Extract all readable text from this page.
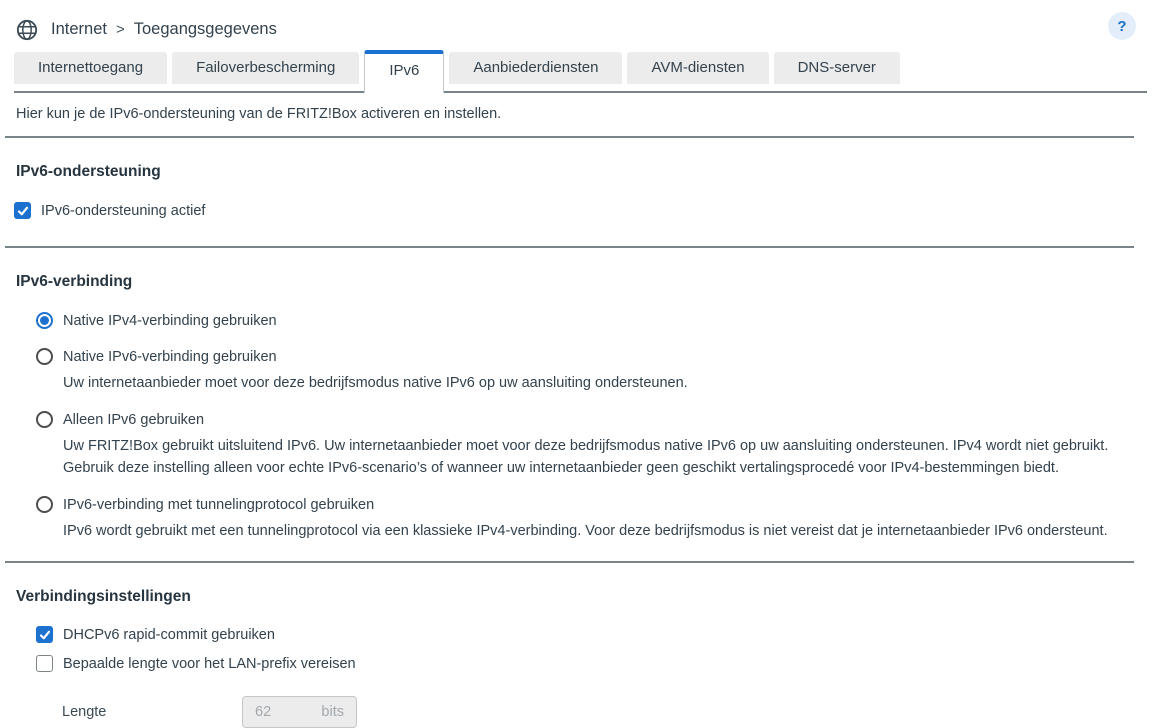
Internet > Toegangsgegevens	?
Internettoegang	Failoverbescherming	IPv6	Aanbiederdiensten	AVM-diensten	DNS-server
Hier kun je de IPv6-ondersteuning van de FRITZ!Box activeren en instellen.
IPv6-ondersteuning
IPv6-ondersteuning actief
IPv6-verbinding
Native IPv4-verbinding gebruiken
Native IPv6-verbinding gebruiken
Uw internetaanbieder moet voor deze bedrijfsmodus native IPv6 op uw aansluiting ondersteunen.
Alleen IPv6 gebruiken
Uw FRITZ!Box gebruikt uitsluitend IPv6. Uw internetaanbieder moet voor deze bedrijfsmodus native IPv6 op uw aansluiting ondersteunen. IPv4 wordt niet gebruikt. Gebruik deze instelling alleen voor echte IPv6-scenario’s of wanneer uw internetaanbieder geen geschikt vertalingsprocedé voor IPv4-bestemmingen biedt.
IPv6-verbinding met tunnelingprotocol gebruiken
IPv6 wordt gebruikt met een tunnelingprotocol via een klassieke IPv4-verbinding. Voor deze bedrijfsmodus is niet vereist dat je internetaanbieder IPv6 ondersteunt.
Verbindingsinstellingen
DHCPv6 rapid-commit gebruiken
Bepaalde lengte voor het LAN-prefix vereisen
Lengte	62	bits
